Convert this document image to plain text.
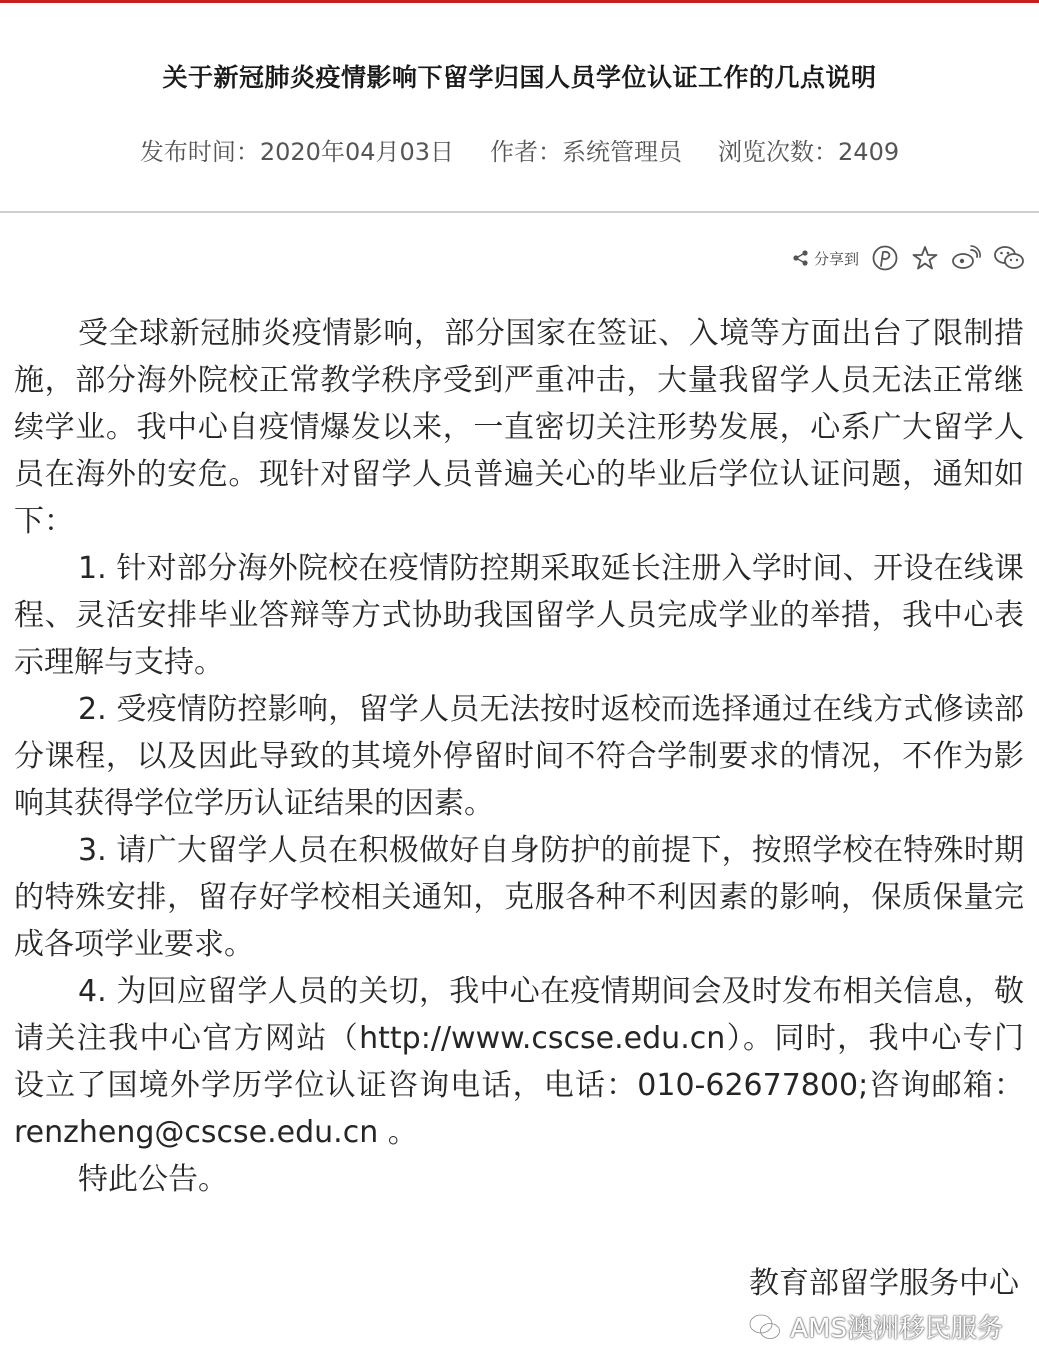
关于新冠肺炎疫情影响下留学归国人员学位认证工作的几点说明
发布时间：2020年04月03日 作者：系统管理员 浏览次数：2409
分享到

受全球新冠肺炎疫情影响，部分国家在签证、入境等方面出台了限制措施，部分海外院校正常教学秩序受到严重冲击，大量我留学人员无法正常继续学业。我中心自疫情爆发以来，一直密切关注形势发展，心系广大留学人员在海外的安危。现针对留学人员普遍关心的毕业后学位认证问题，通知如下：

1. 针对部分海外院校在疫情防控期采取延长注册入学时间、开设在线课程、灵活安排毕业答辩等方式协助我国留学人员完成学业的举措，我中心表示理解与支持。

2. 受疫情防控影响，留学人员无法按时返校而选择通过在线方式修读部分课程，以及因此导致的其境外停留时间不符合学制要求的情况，不作为影响其获得学位学历认证结果的因素。

3. 请广大留学人员在积极做好自身防护的前提下，按照学校在特殊时期的特殊安排，留存好学校相关通知，克服各种不利因素的影响，保质保量完成各项学业要求。

4. 为回应留学人员的关切，我中心在疫情期间会及时发布相关信息，敬请关注我中心官方网站（http://www.cscse.edu.cn）。同时，我中心专门设立了国境外学历学位认证咨询电话，电话：010-62677800;咨询邮箱：renzheng@cscse.edu.cn 。

特此公告。

教育部留学服务中心
AMS澳洲移民服务
